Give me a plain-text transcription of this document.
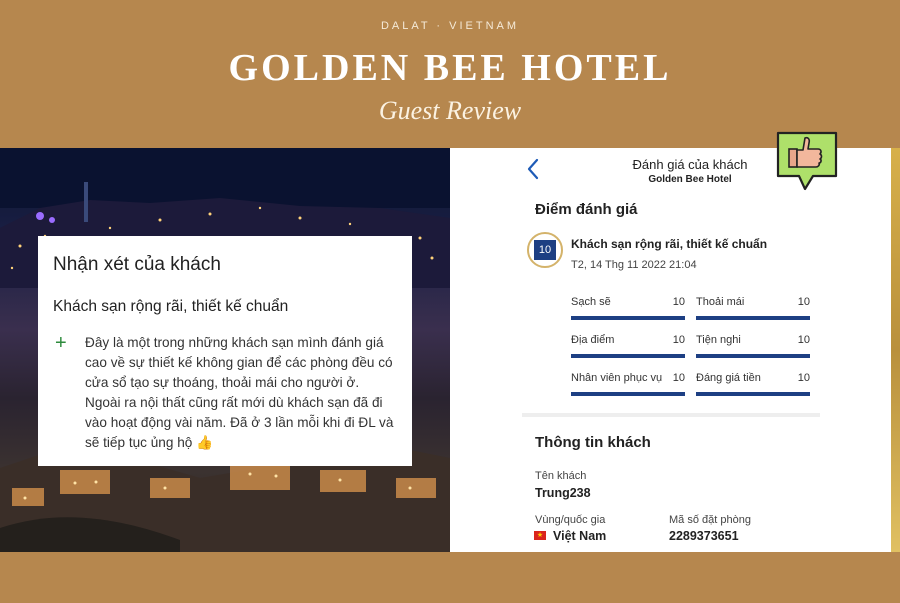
DALAT · VIETNAM
GOLDEN BEE HOTEL
Guest Review
Nhận xét của khách
Khách sạn rộng rãi, thiết kế chuẩn
+ Đây là một trong những khách sạn mình đánh giá cao về sự thiết kế không gian để các phòng đều có cửa sổ tạo sự thoáng, thoải mái cho người ở. Ngoài ra nội thất cũng rất mới dù khách sạn đã đi vào hoạt động vài năm. Đã ở 3 lần mỗi khi đi ĐL và sẽ tiếp tục ủng hộ 👍
Đánh giá của khách
Golden Bee Hotel
Điểm đánh giá
10	Khách sạn rộng rãi, thiết kế chuẩn
T2, 14 Thg 11 2022 21:04
Sạch sẽ	10 Thoải mái	10
Địa điểm	10 Tiện nghi	10
Nhân viên phục vụ 10 Đáng giá tiền	10
Thông tin khách
Tên khách
Trung238
Vùng/quốc gia
★ Việt Nam
Mã số đặt phòng
2289373651
